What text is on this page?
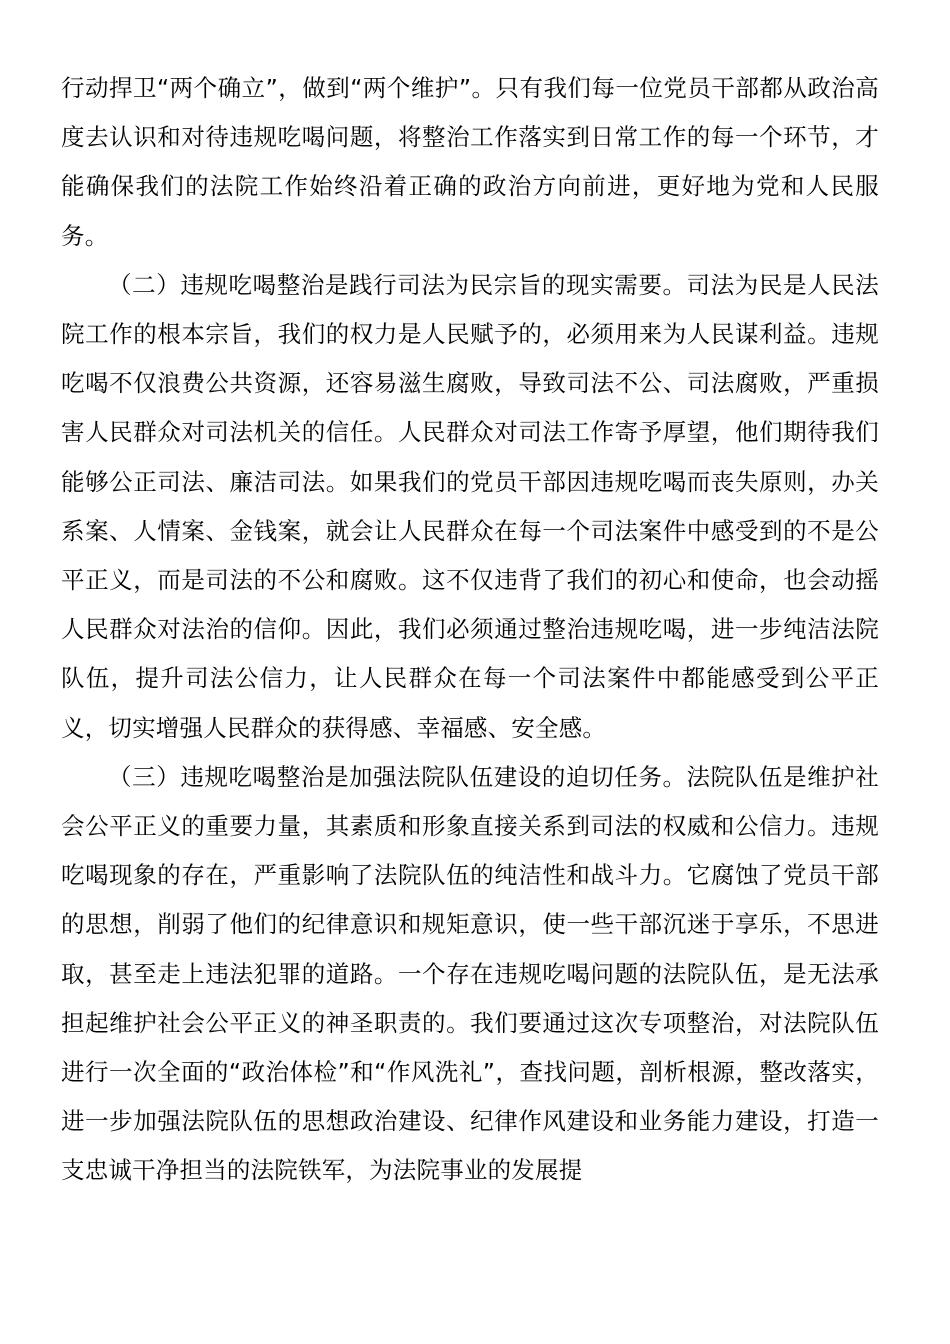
行动捍卫“两个确立”，做到“两个维护”。只有我们每一位党员干部都从政治高度去认识和对待违规吃喝问题，将整治工作落实到日常工作的每一个环节，才能确保我们的法院工作始终沿着正确的政治方向前进，更好地为党和人民服务。

（二）违规吃喝整治是践行司法为民宗旨的现实需要。司法为民是人民法院工作的根本宗旨，我们的权力是人民赋予的，必须用来为人民谋利益。违规吃喝不仅浪费公共资源，还容易滋生腐败，导致司法不公、司法腐败，严重损害人民群众对司法机关的信任。人民群众对司法工作寄予厚望，他们期待我们能够公正司法、廉洁司法。如果我们的党员干部因违规吃喝而丧失原则，办关系案、人情案、金钱案，就会让人民群众在每一个司法案件中感受到的不是公平正义，而是司法的不公和腐败。这不仅违背了我们的初心和使命，也会动摇人民群众对法治的信仰。因此，我们必须通过整治违规吃喝，进一步纯洁法院队伍，提升司法公信力，让人民群众在每一个司法案件中都能感受到公平正义，切实增强人民群众的获得感、幸福感、安全感。

（三）违规吃喝整治是加强法院队伍建设的迫切任务。法院队伍是维护社会公平正义的重要力量，其素质和形象直接关系到司法的权威和公信力。违规吃喝现象的存在，严重影响了法院队伍的纯洁性和战斗力。它腐蚀了党员干部的思想，削弱了他们的纪律意识和规矩意识，使一些干部沉迷于享乐，不思进取，甚至走上违法犯罪的道路。一个存在违规吃喝问题的法院队伍，是无法承担起维护社会公平正义的神圣职责的。我们要通过这次专项整治，对法院队伍进行一次全面的“政治体检”和“作风洗礼”，查找问题，剖析根源，整改落实，进一步加强法院队伍的思想政治建设、纪律作风建设和业务能力建设，打造一支忠诚干净担当的法院铁军，为法院事业的发展提
